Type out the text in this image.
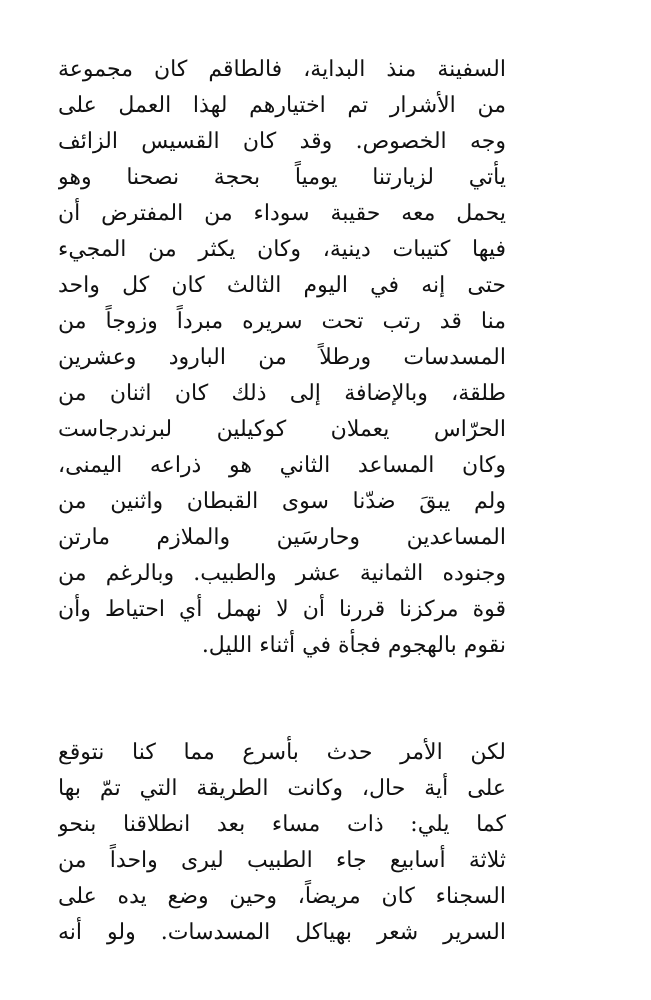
السفينة منذ البداية، فالطاقم كان مجموعة
من الأشرار تم اختيارهم لهذا العمل على
وجه الخصوص. وقد كان القسيس الزائف
يأتي لزيارتنا يومياً بحجة نصحنا وهو
يحمل معه حقيبة سوداء من المفترض أن
فيها كتيبات دينية، وكان يكثر من المجيء
حتى إنه في اليوم الثالث كان كل واحد
منا قد رتب تحت سريره مبرداً وزوجاً من
المسدسات ورطلاً من البارود وعشرين
طلقة، وبالإضافة إلى ذلك كان اثنان من
الحرّاس يعملان كوكيلين لبرندرجاست
وكان المساعد الثاني هو ذراعه اليمنى،
ولم يبقَ ضدّنا سوى القبطان واثنين من
المساعدين وحارسَين والملازم مارتن
وجنوده الثمانية عشر والطبيب. وبالرغم من
قوة مركزنا قررنا أن لا نهمل أي احتياط وأن
نقوم بالهجوم فجأة في أثناء الليل.
لكن الأمر حدث بأسرع مما كنا نتوقع
على أية حال، وكانت الطريقة التي تمّ بها
كما يلي: ذات مساء بعد انطلاقنا بنحو
ثلاثة أسابيع جاء الطبيب ليرى واحداً من
السجناء كان مريضاً، وحين وضع يده على
السرير شعر بهياكل المسدسات. ولو أنه
